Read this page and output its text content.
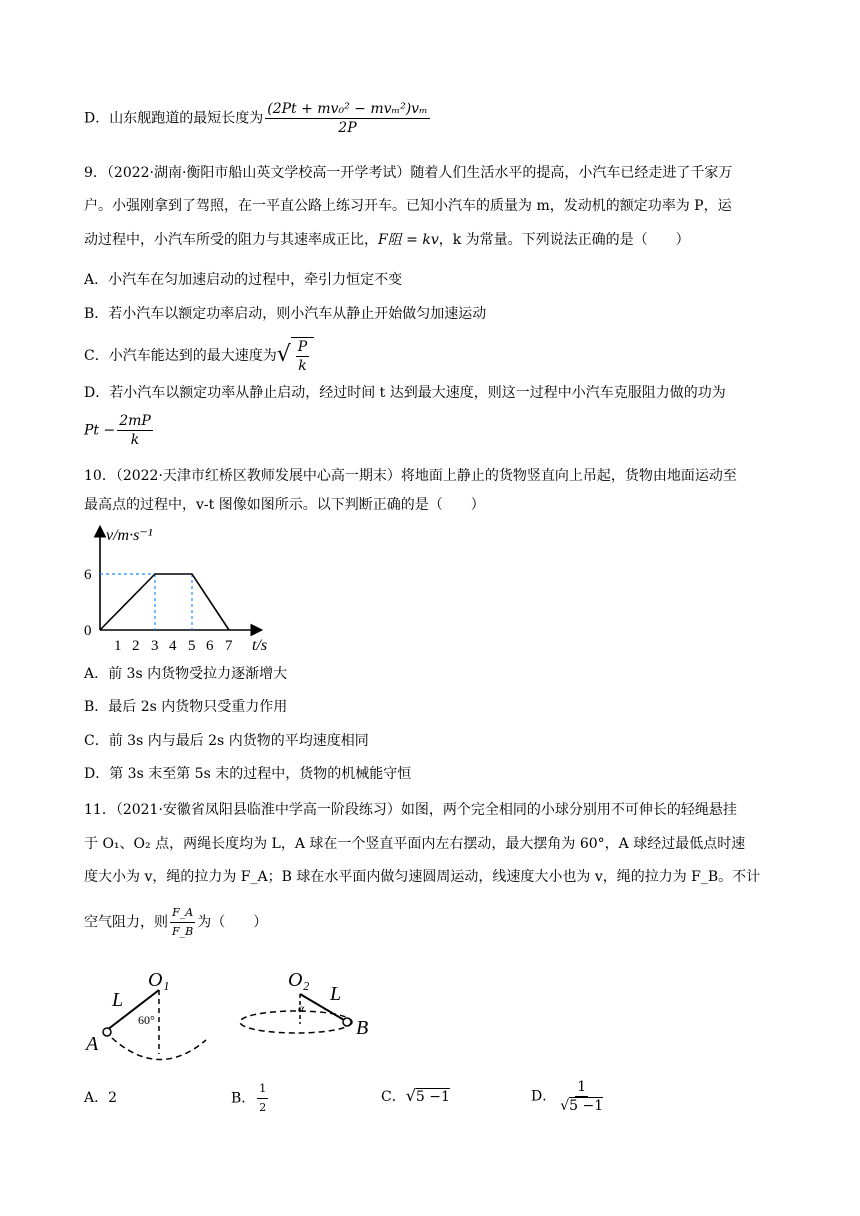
D．山东舰跑道的最短长度为 $\frac{\text{(2Pt + mv₀² − mvₘ²)vₘ}}{2P}$
9．（2022·湖南·衡阳市船山英文学校高一开学考试）随着人们生活水平的提高，小汽车已经走进了千家万
户。小强刚拿到了驾照，在一平直公路上练习开车。已知小汽车的质量为 m，发动机的额定功率为 P，运
动过程中，小汽车所受的阻力与其速率成正比，F阻 = kv，k 为常量。下列说法正确的是（　　）
A．小汽车在匀加速启动的过程中，牵引力恒定不变
B．若小汽车以额定功率启动，则小汽车从静止开始做匀加速运动
C．小汽车能达到的最大速度为 √ $\frac{P}{k}$
D．若小汽车以额定功率从静止启动，经过时间 t 达到最大速度，则这一过程中小汽车克服阻力做的功为
$Pt - \frac{2mP}{k}$
10．（2022·天津市红桥区教师发展中心高一期末）将地面上静止的货物竖直向上吊起，货物由地面运动至
最高点的过程中，v-t 图像如图所示。以下判断正确的是（　　）
v/m·s⁻¹
6
0
1 2 3 4 5 6 7 t/s
A．前 3s 内货物受拉力逐渐增大
B．最后 2s 内货物只受重力作用
C．前 3s 内与最后 2s 内货物的平均速度相同
D．第 3s 末至第 5s 末的过程中，货物的机械能守恒
11．（2021·安徽省凤阳县临淮中学高一阶段练习）如图，两个完全相同的小球分别用不可伸长的轻绳悬挂
于 O₁、O₂ 点，两绳长度均为 L，A 球在一个竖直平面内左右摆动，最大摆角为 60°，A 球经过最低点时速
度大小为 v，绳的拉力为 F_A；B 球在水平面内做匀速圆周运动，线速度大小也为 v，绳的拉力为 F_B。不计
空气阻力，则 $\frac{F\_A}{F\_B}$ 为（　　）
O₁
L
60°
A
O₂
L
α
B
A．2	B． $\frac{1}{2}$	C．√5 −1	D． $\frac{1}{√5 -1}$
